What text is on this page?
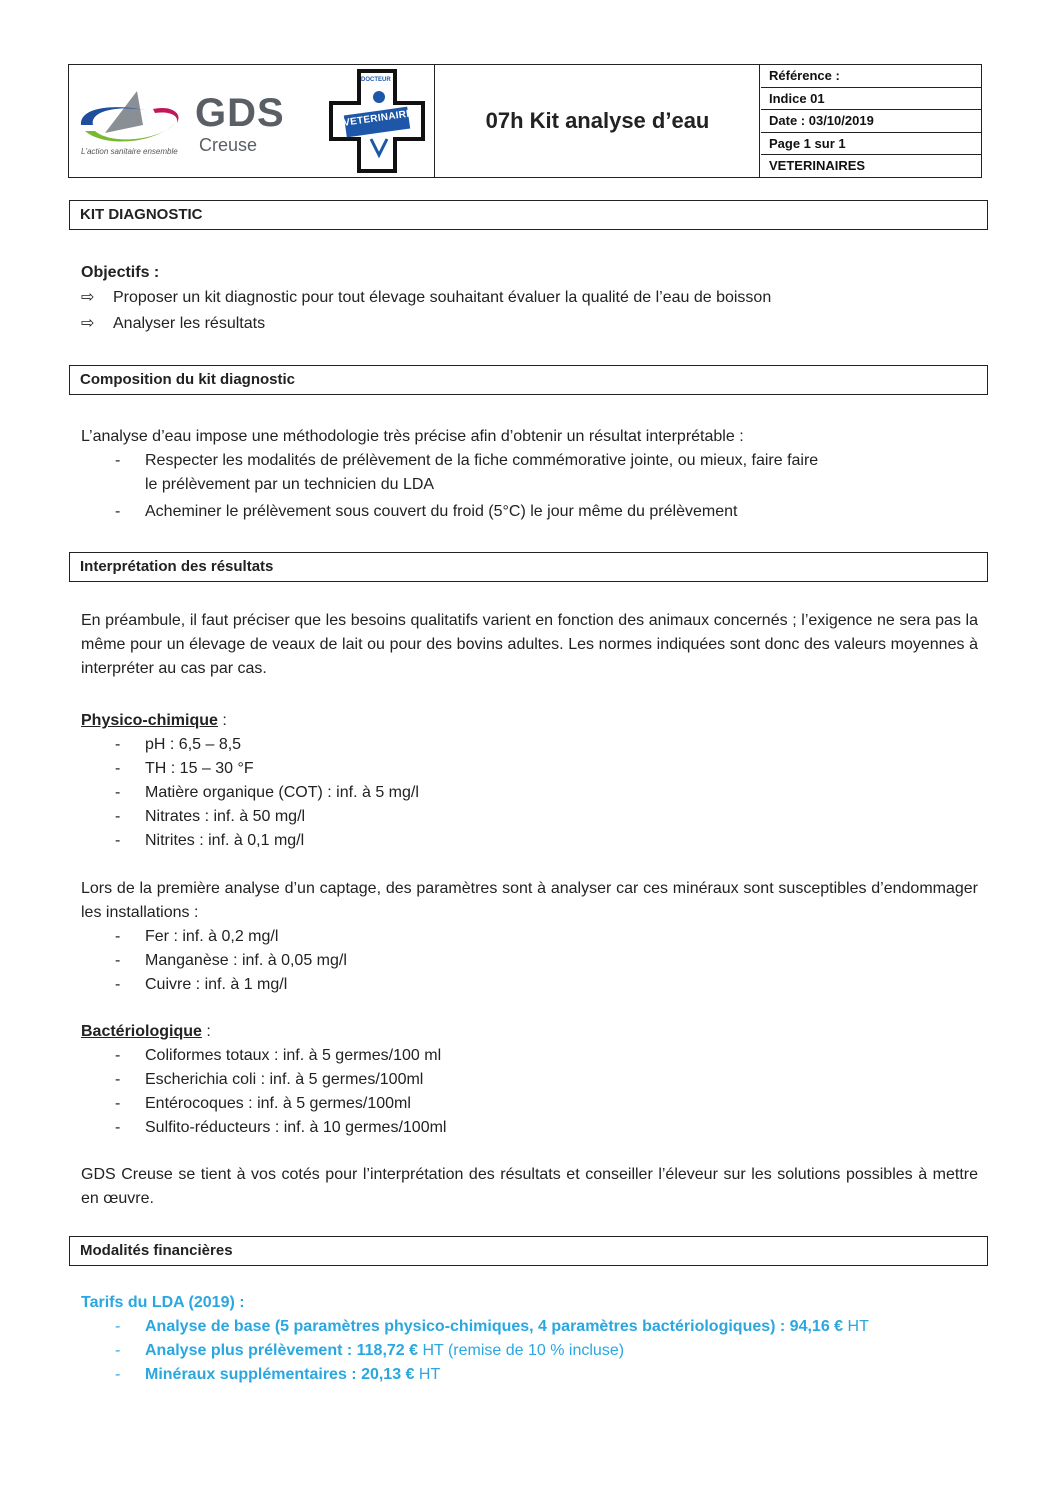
GDS
Creuse
L'action sanitaire ensemble
DOCTEUR
VETERINAIRE	07h Kit analyse d’eau
Référence :
Indice 01
Date : 03/10/2019
Page 1 sur 1
VETERINAIRES
KIT DIAGNOSTIC
Objectifs :
⇨ Proposer un kit diagnostic pour tout élevage souhaitant évaluer la qualité de l’eau de boisson
⇨ Analyser les résultats
Composition du kit diagnostic
L’analyse d’eau impose une méthodologie très précise afin d’obtenir un résultat interprétable :
- Respecter les modalités de prélèvement de la fiche commémorative jointe, ou mieux, faire faire
le prélèvement par un technicien du LDA
- Acheminer le prélèvement sous couvert du froid (5°C) le jour même du prélèvement
Interprétation des résultats
En préambule, il faut préciser que les besoins qualitatifs varient en fonction des animaux concernés ; l’exigence ne sera pas la même pour un élevage de veaux de lait ou pour des bovins adultes. Les normes indiquées sont donc des valeurs moyennes à interpréter au cas par cas.
Physico-chimique :
- pH : 6,5 – 8,5
- TH : 15 – 30 °F
- Matière organique (COT) : inf. à 5 mg/l
- Nitrates : inf. à 50 mg/l
- Nitrites : inf. à 0,1 mg/l
Lors de la première analyse d’un captage, des paramètres sont à analyser car ces minéraux sont susceptibles d’endommager les installations :
- Fer : inf. à 0,2 mg/l
- Manganèse : inf. à 0,05 mg/l
- Cuivre : inf. à 1 mg/l
Bactériologique :
- Coliformes totaux : inf. à 5 germes/100 ml
- Escherichia coli : inf. à 5 germes/100ml
- Entérocoques : inf. à 5 germes/100ml
- Sulfito-réducteurs : inf. à 10 germes/100ml
GDS Creuse se tient à vos cotés pour l’interprétation des résultats et conseiller l’éleveur sur les solutions possibles à mettre en œuvre.
Modalités financières
Tarifs du LDA (2019) :
- Analyse de base (5 paramètres physico-chimiques, 4 paramètres bactériologiques) : 94,16 € HT
- Analyse plus prélèvement : 118,72 € HT (remise de 10 % incluse)
- Minéraux supplémentaires : 20,13 € HT
